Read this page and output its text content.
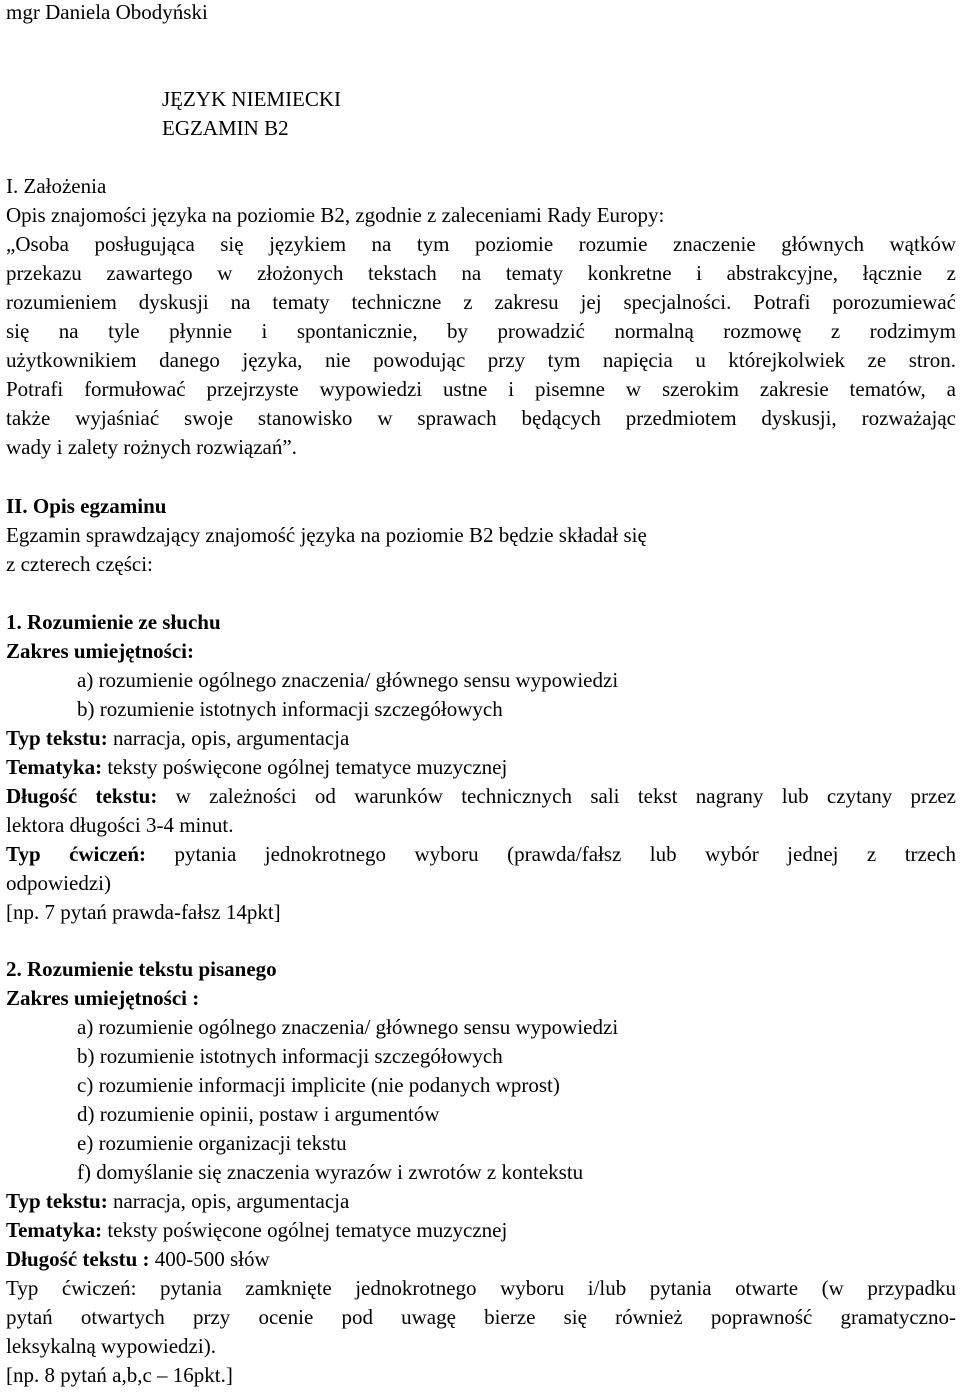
mgr Daniela Obodyński
JĘZYK NIEMIECKI
EGZAMIN B2
I. Założenia
Opis znajomości języka na poziomie B2, zgodnie z zaleceniami Rady Europy:
„Osoba posługująca się językiem na tym poziomie rozumie znaczenie głównych wątków
przekazu zawartego w złożonych tekstach na tematy konkretne i abstrakcyjne, łącznie z
rozumieniem dyskusji na tematy techniczne z zakresu jej specjalności. Potrafi porozumiewać
się na tyle płynnie i spontanicznie, by prowadzić normalną rozmowę z rodzimym
użytkownikiem danego języka, nie powodując przy tym napięcia u którejkolwiek ze stron.
Potrafi formułować przejrzyste wypowiedzi ustne i pisemne w szerokim zakresie tematów, a
także wyjaśniać swoje stanowisko w sprawach będących przedmiotem dyskusji, rozważając
wady i zalety rożnych rozwiązań”.
II. Opis egzaminu
Egzamin sprawdzający znajomość języka na poziomie B2 będzie składał się
z czterech części:
1. Rozumienie ze słuchu
Zakres umiejętności:
a) rozumienie ogólnego znaczenia/ głównego sensu wypowiedzi
b) rozumienie istotnych informacji szczegółowych
Typ tekstu: narracja, opis, argumentacja
Tematyka: teksty poświęcone ogólnej tematyce muzycznej
Długość tekstu: w zależności od warunków technicznych sali tekst nagrany lub czytany przez
lektora długości 3-4 minut.
Typ ćwiczeń: pytania jednokrotnego wyboru (prawda/fałsz lub wybór jednej z trzech
odpowiedzi)
[np. 7 pytań prawda-fałsz 14pkt]
2. Rozumienie tekstu pisanego
Zakres umiejętności :
a) rozumienie ogólnego znaczenia/ głównego sensu wypowiedzi
b) rozumienie istotnych informacji szczegółowych
c) rozumienie informacji implicite (nie podanych wprost)
d) rozumienie opinii, postaw i argumentów
e) rozumienie organizacji tekstu
f) domyślanie się znaczenia wyrazów i zwrotów z kontekstu
Typ tekstu: narracja, opis, argumentacja
Tematyka: teksty poświęcone ogólnej tematyce muzycznej
Długość tekstu : 400-500 słów
Typ ćwiczeń: pytania zamknięte jednokrotnego wyboru i/lub pytania otwarte (w przypadku
pytań otwartych przy ocenie pod uwagę bierze się również poprawność gramatyczno-
leksykalną wypowiedzi).
[np. 8 pytań a,b,c – 16pkt.]
